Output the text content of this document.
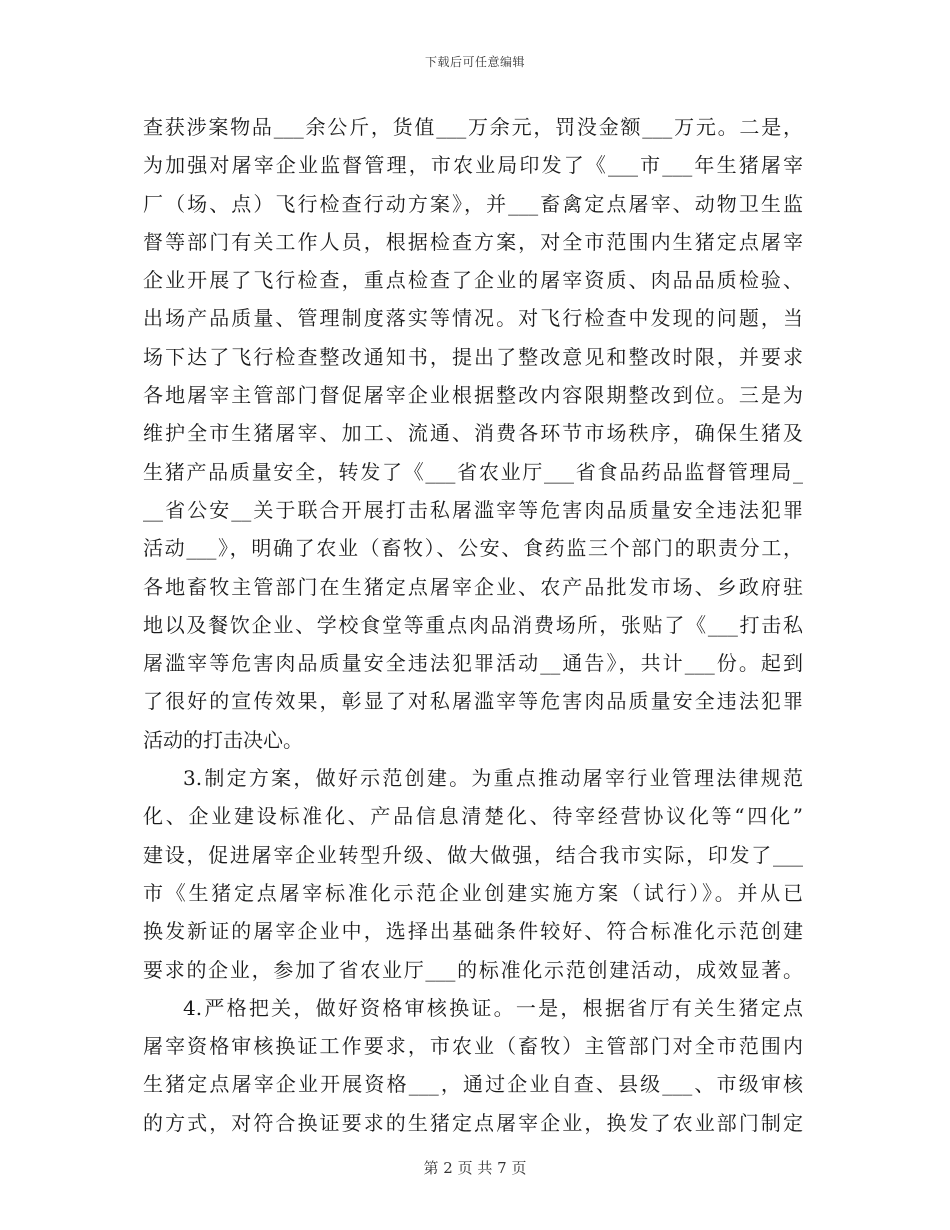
下载后可任意编辑
查获涉案物品___余公斤，货值___万余元，罚没金额___万元。二是，
为加强对屠宰企业监督管理，市农业局印发了《___市___年生猪屠宰
厂（场、点）飞行检查行动方案》，并___畜禽定点屠宰、动物卫生监
督等部门有关工作人员，根据检查方案，对全市范围内生猪定点屠宰
企业开展了飞行检查，重点检查了企业的屠宰资质、肉品品质检验、
出场产品质量、管理制度落实等情况。对飞行检查中发现的问题，当
场下达了飞行检查整改通知书，提出了整改意见和整改时限，并要求
各地屠宰主管部门督促屠宰企业根据整改内容限期整改到位。三是为
维护全市生猪屠宰、加工、流通、消费各环节市场秩序，确保生猪及
生猪产品质量安全，转发了《___省农业厅___省食品药品监督管理局_
__省公安__关于联合开展打击私屠滥宰等危害肉品质量安全违法犯罪
活动___》，明确了农业（畜牧）、公安、食药监三个部门的职责分工，
各地畜牧主管部门在生猪定点屠宰企业、农产品批发市场、乡政府驻
地以及餐饮企业、学校食堂等重点肉品消费场所，张贴了《___打击私
屠滥宰等危害肉品质量安全违法犯罪活动__通告》，共计___份。起到
了很好的宣传效果，彰显了对私屠滥宰等危害肉品质量安全违法犯罪
活动的打击决心。
3.制定方案，做好示范创建。为重点推动屠宰行业管理法律规范
化、企业建设标准化、产品信息清楚化、待宰经营协议化等“四化”
建设，促进屠宰企业转型升级、做大做强，结合我市实际，印发了___
市《生猪定点屠宰标准化示范企业创建实施方案（试行）》。并从已
换发新证的屠宰企业中，选择出基础条件较好、符合标准化示范创建
要求的企业，参加了省农业厅___的标准化示范创建活动，成效显著。
4.严格把关，做好资格审核换证。一是，根据省厅有关生猪定点
屠宰资格审核换证工作要求，市农业（畜牧）主管部门对全市范围内
生猪定点屠宰企业开展资格___，通过企业自查、县级___、市级审核
的方式，对符合换证要求的生猪定点屠宰企业，换发了农业部门制定
第 2 页 共 7 页
